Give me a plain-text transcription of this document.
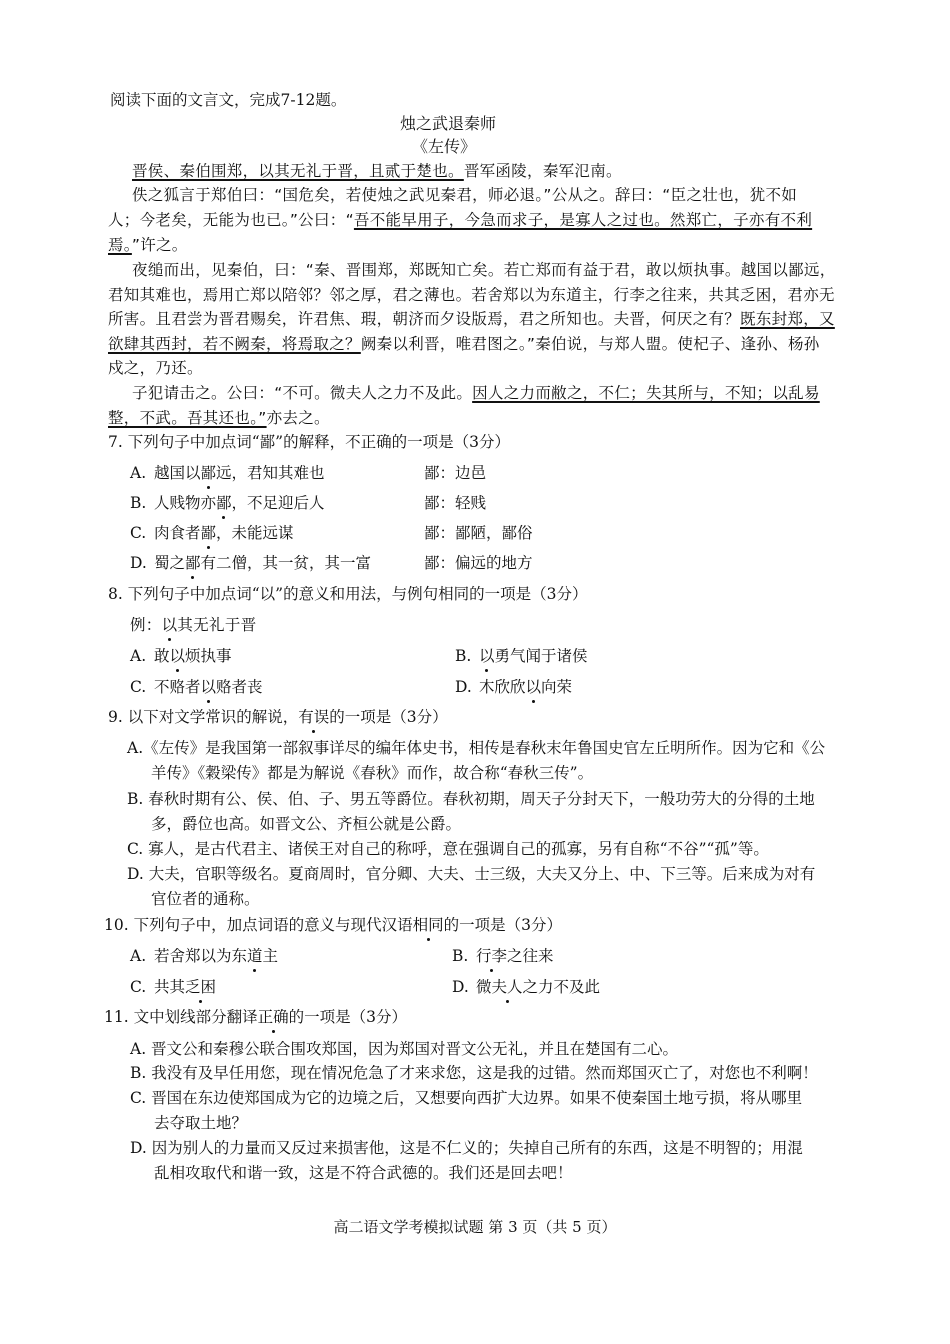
阅读下面的文言文，完成7-12题。
烛之武退秦师
《左传》
晋侯、秦伯围郑，以其无礼于晋，且贰于楚也。晋军函陵，秦军氾南。
佚之狐言于郑伯曰：“国危矣，若使烛之武见秦君，师必退。”公从之。辞曰：“臣之壮也，犹不如
人；今老矣，无能为也已。”公曰：“吾不能早用子，今急而求子，是寡人之过也。然郑亡，子亦有不利
焉。”许之。
夜缒而出，见秦伯，曰：“秦、晋围郑，郑既知亡矣。若亡郑而有益于君，敢以烦执事。越国以鄙远，
君知其难也，焉用亡郑以陪邻？邻之厚，君之薄也。若舍郑以为东道主，行李之往来，共其乏困，君亦无
所害。且君尝为晋君赐矣，许君焦、瑕，朝济而夕设版焉，君之所知也。夫晋，何厌之有？既东封郑，又
欲肆其西封，若不阙秦，将焉取之？阙秦以利晋，唯君图之。”秦伯说，与郑人盟。使杞子、逢孙、杨孙
戍之，乃还。
子犯请击之。公曰：“不可。微夫人之力不及此。因人之力而敝之，不仁；失其所与，不知；以乱易
整，不武。吾其还也。”亦去之。
7. 下列句子中加点词“鄙”的解释，不正确的一项是（3分）
A. 越国以鄙远，君知其难也	鄙：边邑
B. 人贱物亦鄙，不足迎后人	鄙：轻贱
C. 肉食者鄙，未能远谋	鄙：鄙陋，鄙俗
D. 蜀之鄙有二僧，其一贫，其一富	鄙：偏远的地方
8. 下列句子中加点词“以”的意义和用法，与例句相同的一项是（3分）
例：以其无礼于晋
A. 敢以烦执事	B. 以勇气闻于诸侯
C. 不赂者以赂者丧	D. 木欣欣以向荣
9. 以下对文学常识的解说，有误的一项是（3分）
A.《左传》是我国第一部叙事详尽的编年体史书，相传是春秋末年鲁国史官左丘明所作。因为它和《公
羊传》《穀梁传》都是为解说《春秋》而作，故合称“春秋三传”。
B. 春秋时期有公、侯、伯、子、男五等爵位。春秋初期，周天子分封天下，一般功劳大的分得的土地
多，爵位也高。如晋文公、齐桓公就是公爵。
C. 寡人，是古代君主、诸侯王对自己的称呼，意在强调自己的孤寡，另有自称“不谷”“孤”等。
D. 大夫，官职等级名。夏商周时，官分卿、大夫、士三级，大夫又分上、中、下三等。后来成为对有
官位者的通称。
10. 下列句子中，加点词语的意义与现代汉语相同的一项是（3分）
A. 若舍郑以为东道主	B. 行李之往来
C. 共其乏困	D. 微夫人之力不及此
11. 文中划线部分翻译正确的一项是（3分）
A. 晋文公和秦穆公联合围攻郑国，因为郑国对晋文公无礼，并且在楚国有二心。
B. 我没有及早任用您，现在情况危急了才来求您，这是我的过错。然而郑国灭亡了，对您也不利啊！
C. 晋国在东边使郑国成为它的边境之后，又想要向西扩大边界。如果不使秦国土地亏损，将从哪里
去夺取土地？
D. 因为别人的力量而又反过来损害他，这是不仁义的；失掉自己所有的东西，这是不明智的；用混
乱相攻取代和谐一致，这是不符合武德的。我们还是回去吧！
高二语文学考模拟试题 第 3 页（共 5 页）
